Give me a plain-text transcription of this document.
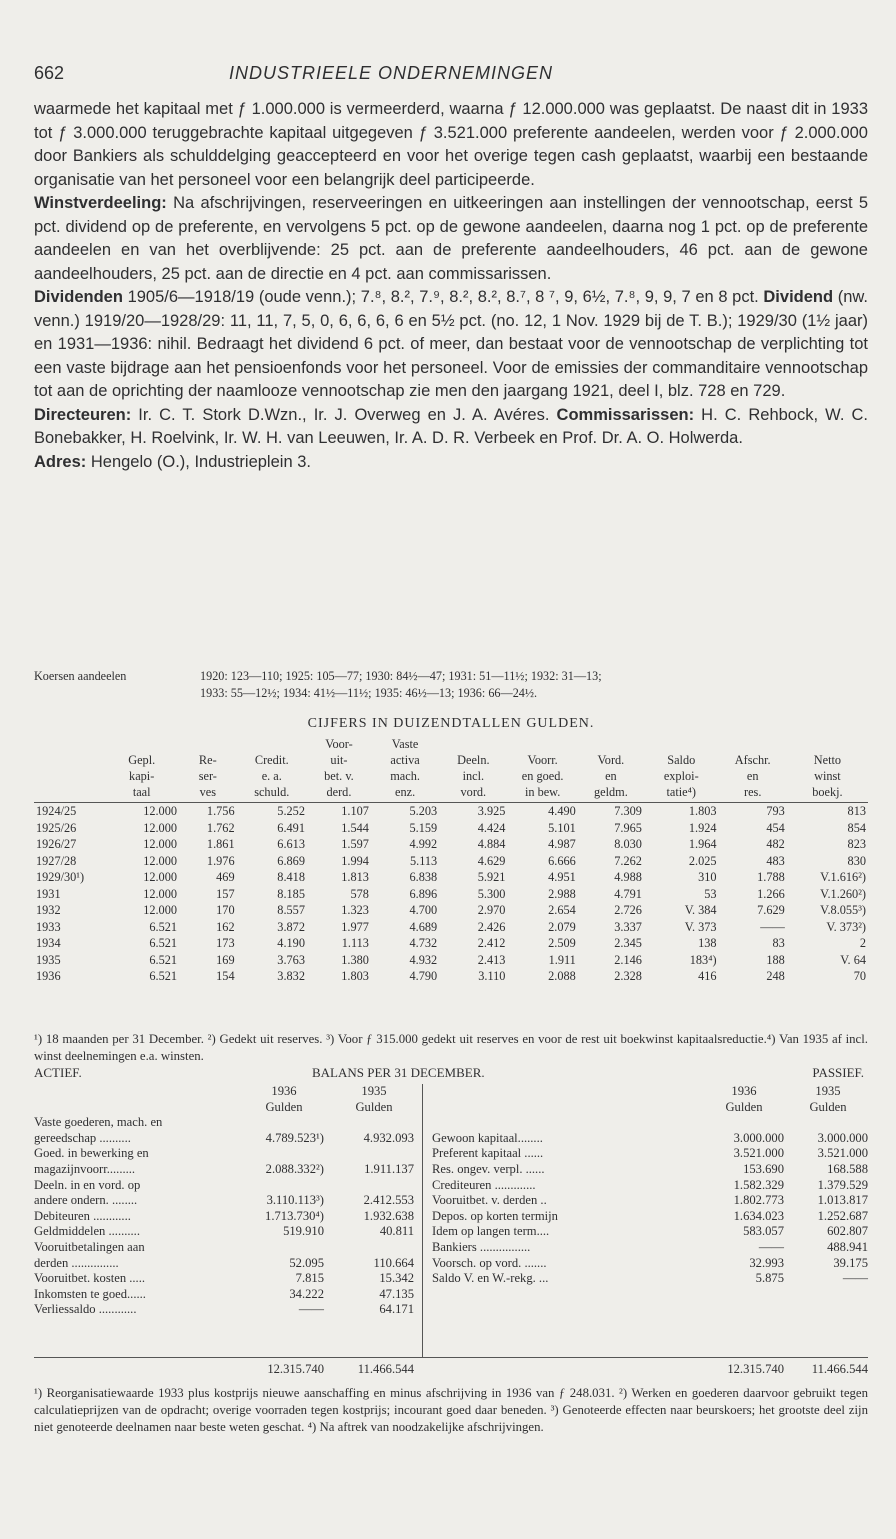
662	INDUSTRIEELE ONDERNEMINGEN

waarmede het kapitaal met ƒ 1.000.000 is vermeerderd, waarna ƒ 12.000.000 was geplaatst. De naast dit in 1933 tot ƒ 3.000.000 teruggebrachte kapitaal uitgegeven ƒ 3.521.000 preferente aandeelen, werden voor ƒ 2.000.000 door Bankiers als schulddelging geaccepteerd en voor het overige tegen cash geplaatst, waarbij een bestaande organisatie van het personeel voor een belangrijk deel participeerde.

Winstverdeeling: Na afschrijvingen, reserveeringen en uitkeeringen aan instellingen der vennootschap, eerst 5 pct. dividend op de preferente, en vervolgens 5 pct. op de gewone aandeelen, daarna nog 1 pct. op de preferente aandeelen en van het overblijvende: 25 pct. aan de preferente aandeelhouders, 46 pct. aan de gewone aandeelhouders, 25 pct. aan de directie en 4 pct. aan commissarissen.

Dividenden 1905/6—1918/19 (oude venn.); 7.⁸, 8.², 7.⁹, 8.², 8.², 8.⁷, 8 ⁷, 9, 6½, 7.⁸, 9, 9, 7 en 8 pct. Dividend (nw. venn.) 1919/20—1928/29: 11, 11, 7, 5, 0, 6, 6, 6, 6 en 5½ pct. (no. 12, 1 Nov. 1929 bij de T. B.); 1929/30 (1½ jaar) en 1931—1936: nihil. Bedraagt het dividend 6 pct. of meer, dan bestaat voor de vennootschap de verplichting tot een vaste bijdrage aan het pensioenfonds voor het personeel. Voor de emissies der commanditaire vennootschap tot aan de oprichting der naamlooze vennootschap zie men den jaargang 1921, deel I, blz. 728 en 729.

Directeuren: Ir. C. T. Stork D.Wzn., Ir. J. Overweg en J. A. Avéres. Commissarissen: H. C. Rehbock, W. C. Bonebakker, H. Roelvink, Ir. W. H. van Leeuwen, Ir. A. D. R. Verbeek en Prof. Dr. A. O. Holwerda.

Adres: Hengelo (O.), Industrieplein 3.

Koersen aandeelen	1920: 123—110; 1925: 105—77; 1930: 84½—47; 1931: 51—11½; 1932: 31—13;
1933: 55—12½; 1934: 41½—11½; 1935: 46½—13; 1936: 66—24½.
CIJFERS IN DUIZENDTALLEN GULDEN.
	Gepl.
kapi-
taal	Re-
ser-
ves	Credit.
e. a.
schuld.	Voor-
uit-
bet. v.
derd.	Vaste
activa
mach.
enz.	Deeln.
incl.
vord.	Voorr.
en goed.
in bew.	Vord.
en
geldm.	Saldo
exploi-
tatie⁴)	Afschr.
en
res.	Netto
winst
boekj.
1924/25	12.000	1.756	5.252	1.107	5.203	3.925	4.490	7.309	1.803	793	813
1925/26	12.000	1.762	6.491	1.544	5.159	4.424	5.101	7.965	1.924	454	854
1926/27	12.000	1.861	6.613	1.597	4.992	4.884	4.987	8.030	1.964	482	823
1927/28	12.000	1.976	6.869	1.994	5.113	4.629	6.666	7.262	2.025	483	830
1929/30¹)	12.000	469	8.418	1.813	6.838	5.921	4.951	4.988	310	1.788	V.1.616²)
1931	12.000	157	8.185	578	6.896	5.300	2.988	4.791	53	1.266	V.1.260²)
1932	12.000	170	8.557	1.323	4.700	2.970	2.654	2.726	V. 384	7.629	V.8.055³)
1933	6.521	162	3.872	1.977	4.689	2.426	2.079	3.337	V. 373	——	V. 373²)
1934	6.521	173	4.190	1.113	4.732	2.412	2.509	2.345	138	83	2
1935	6.521	169	3.763	1.380	4.932	2.413	1.911	2.146	183⁴)	188	V. 64
1936	6.521	154	3.832	1.803	4.790	3.110	2.088	2.328	416	248	70
¹) 18 maanden per 31 December. ²) Gedekt uit reserves. ³) Voor ƒ 315.000 gedekt uit reserves en voor de rest uit boekwinst kapitaalsreductie.⁴) Van 1935 af incl. winst deelnemingen e.a. winsten.
ACTIEF.	BALANS PER 31 DECEMBER.	PASSIEF.
1936	1935
Gulden	Gulden
Vaste goederen, mach. en
gereedschap ..........	4.789.523¹)	4.932.093
Goed. in bewerking en
magazijnvoorr.........	2.088.332²)	1.911.137
Deeln. in en vord. op
andere ondern. ........	3.110.113³)	2.412.553
Debiteuren ............	1.713.730⁴)	1.932.638
Geldmiddelen ..........	519.910	40.811
Vooruitbetalingen aan
derden ...............	52.095	110.664
Vooruitbet. kosten .....	7.815	15.342
Inkomsten te goed......	34.222	47.135
Verliessaldo ............	——	64.171
1936	1935
Gulden	Gulden
Gewoon kapitaal........	3.000.000	3.000.000
Preferent kapitaal ......	3.521.000	3.521.000
Res. ongev. verpl. ......	153.690	168.588
Crediteuren .............	1.582.329	1.379.529
Vooruitbet. v. derden ..	1.802.773	1.013.817
Depos. op korten termijn	1.634.023	1.252.687
Idem op langen term....	583.057	602.807
Bankiers ................	——	488.941
Voorsch. op vord. .......	32.993	39.175
Saldo V. en W.-rekg. ...	5.875	——
12.315.740	11.466.544	12.315.740	11.466.544
¹) Reorganisatiewaarde 1933 plus kostprijs nieuwe aanschaffing en minus afschrijving in 1936 van ƒ 248.031. ²) Werken en goederen daarvoor gebruikt tegen calculatieprijzen van de opdracht; overige voorraden tegen kostprijs; incourant goed daar beneden. ³) Genoteerde effecten naar beurskoers; het grootste deel zijn niet genoteerde deelnamen naar beste weten geschat. ⁴) Na aftrek van noodzakelijke afschrijvingen.
